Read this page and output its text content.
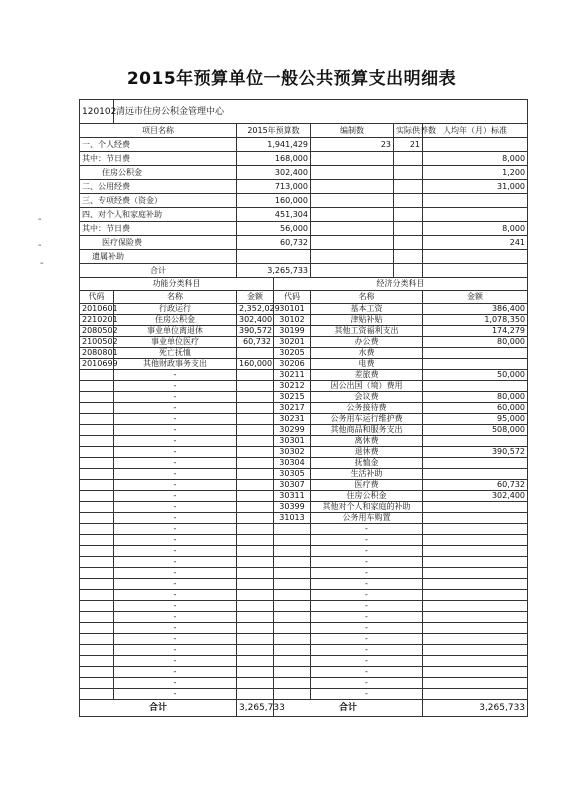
2015年预算单位一般公共预算支出明细表
-
-
-
120102	清远市住房公积金管理中心					
项目名称		2015年预算数		编制数	实际供养数	人均年（月）标准
一、个人经费		1,941,429		23	21	
其中：节日费		168,000				8,000
住房公积金		302,400				1,200
二、公用经费		713,000				31,000
三、专项经费（资金）		160,000				
四、对个人和家庭补助		451,304				
其中：节日费		56,000				8,000
医疗保险费		60,732				241
遗属补助						
合计		3,265,733				
功能分类科目			经济分类科目			
代码	名称	金额	代码	名称		金额
2010601	行政运行	2,352,029	30101	基本工资		386,400
2210201	住房公积金	302,400	30102	津贴补贴		1,078,350
2080502	事业单位离退休	390,572	30199	其他工资福利支出		174,279
2100502	事业单位医疗	60,732	30201	办公费		80,000
2080801	死亡抚恤		30205	水费		
2010699	其他财政事务支出	160,000	30206	电费		
	-		30211	差旅费		50,000
	-		30212	因公出国（境）费用		
	-		30215	会议费		80,000
	-		30217	公务接待费		60,000
	-		30231	公务用车运行维护费		95,000
	-		30299	其他商品和服务支出		508,000
	-		30301	离休费		
	-		30302	退休费		390,572
	-		30304	抚恤金		
	-		30305	生活补助		
	-		30307	医疗费		60,732
	-		30311	住房公积金		302,400
	-		30399	其他对个人和家庭的补助		
	-		31013	公务用车购置		
	-			-		
	-			-		
	-			-		
	-			-		
	-			-		
	-			-		
	-			-		
	-			-		
	-			-		
	-			-		
	-			-		
	-			-		
	-			-		
	-			-		
	-			-		
	-			-		
合计		3,265,733	合计			3,265,733
